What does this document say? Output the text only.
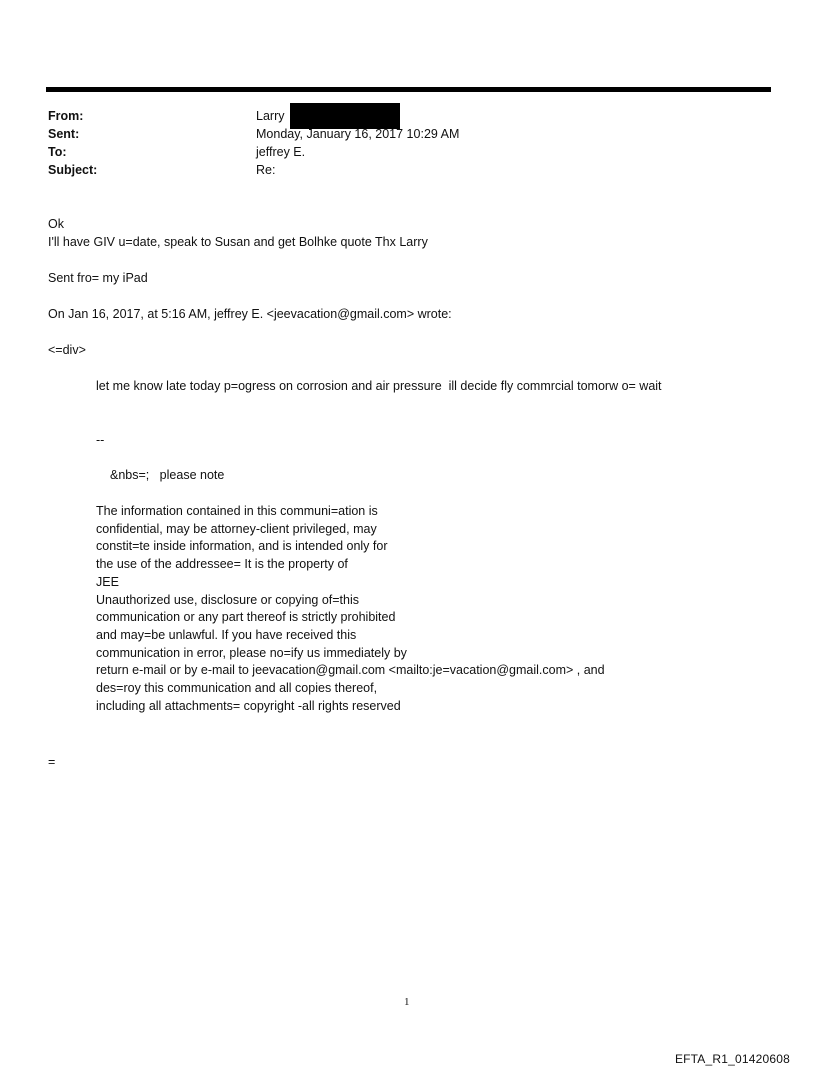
From:	Larry
Sent:	Monday, January 16, 2017 10:29 AM
To:	jeffrey E.
Subject:	Re:
Ok
I'll have GIV u=date, speak to Susan and get Bolhke quote Thx Larry
Sent fro= my iPad
On Jan 16, 2017, at 5:16 AM, jeffrey E. <jeevacation@gmail.com> wrote:
<=div>
let me know late today p=ogress on corrosion and air pressure  ill decide fly commrcial tomorw o= wait
--
&nbs=;   please note
The information contained in this communi=ation is
confidential, may be attorney-client privileged, may
constit=te inside information, and is intended only for
the use of the addressee= It is the property of
JEE
Unauthorized use, disclosure or copying of=this
communication or any part thereof is strictly prohibited
and may=be unlawful. If you have received this
communication in error, please no=ify us immediately by
return e-mail or by e-mail to jeevacation@gmail.com <mailto:je=vacation@gmail.com> , and
des=roy this communication and all copies thereof,
including all attachments= copyright -all rights reserved
=
1
EFTA_R1_01420608
